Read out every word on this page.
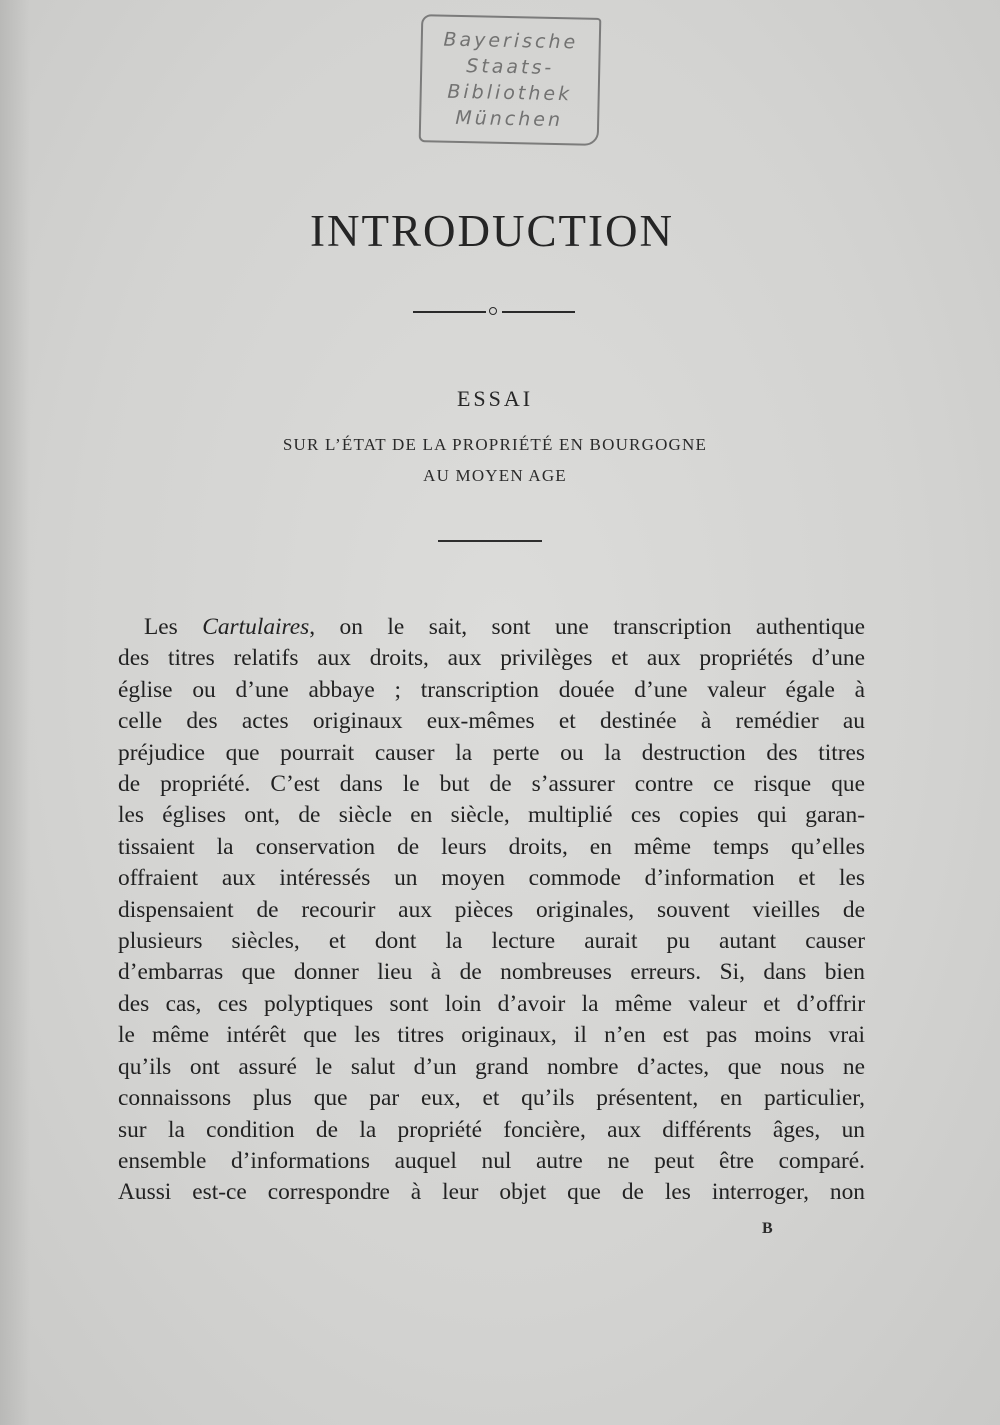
Bayerische
Staats-
Bibliothek
München
INTRODUCTION
ESSAI
SUR L’ÉTAT DE LA PROPRIÉTÉ EN BOURGOGNE
AU MOYEN AGE
Les Cartulaires, on le sait, sont une transcription authentique
des titres relatifs aux droits, aux privilèges et aux propriétés d’une
église ou d’une abbaye ; transcription douée d’une valeur égale à
celle des actes originaux eux-mêmes et destinée à remédier au
préjudice que pourrait causer la perte ou la destruction des titres
de propriété. C’est dans le but de s’assurer contre ce risque que
les églises ont, de siècle en siècle, multiplié ces copies qui garan-
tissaient la conservation de leurs droits, en même temps qu’elles
offraient aux intéressés un moyen commode d’information et les
dispensaient de recourir aux pièces originales, souvent vieilles de
plusieurs siècles, et dont la lecture aurait pu autant causer
d’embarras que donner lieu à de nombreuses erreurs. Si, dans bien
des cas, ces polyptiques sont loin d’avoir la même valeur et d’offrir
le même intérêt que les titres originaux, il n’en est pas moins vrai
qu’ils ont assuré le salut d’un grand nombre d’actes, que nous ne
connaissons plus que par eux, et qu’ils présentent, en particulier,
sur la condition de la propriété foncière, aux différents âges, un
ensemble d’informations auquel nul autre ne peut être comparé.
Aussi est-ce correspondre à leur objet que de les interroger, non
B
